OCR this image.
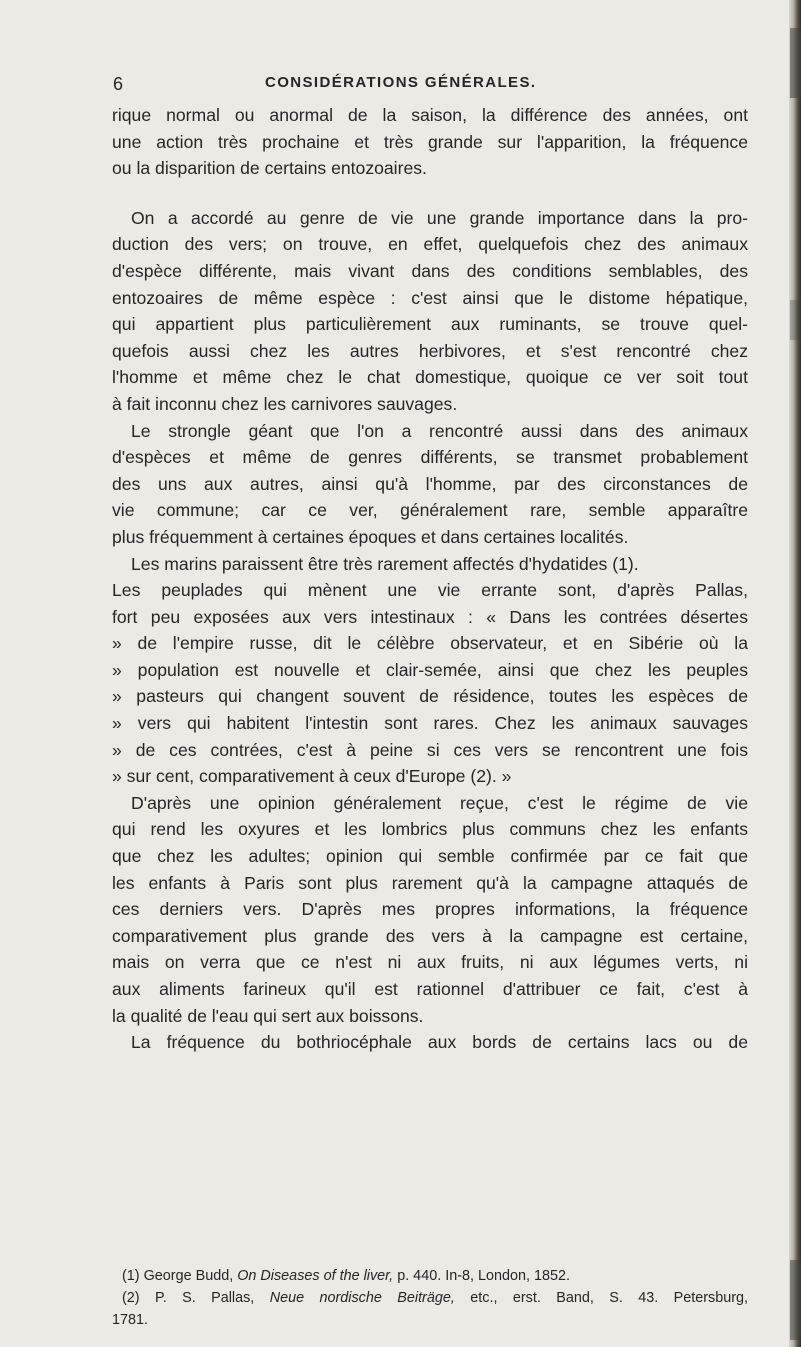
6	CONSIDÉRATIONS GÉNÉRALES.
rique normal ou anormal de la saison, la différence des années, ont
une action très prochaine et très grande sur l'apparition, la fréquence
ou la disparition de certains entozoaires.
On a accordé au genre de vie une grande importance dans la pro-
duction des vers; on trouve, en effet, quelquefois chez des animaux
d'espèce différente, mais vivant dans des conditions semblables, des
entozoaires de même espèce : c'est ainsi que le distome hépatique,
qui appartient plus particulièrement aux ruminants, se trouve quel-
quefois aussi chez les autres herbivores, et s'est rencontré chez
l'homme et même chez le chat domestique, quoique ce ver soit tout
à fait inconnu chez les carnivores sauvages.
Le strongle géant que l'on a rencontré aussi dans des animaux
d'espèces et même de genres différents, se transmet probablement
des uns aux autres, ainsi qu'à l'homme, par des circonstances de
vie commune; car ce ver, généralement rare, semble apparaître
plus fréquemment à certaines époques et dans certaines localités.
Les marins paraissent être très rarement affectés d'hydatides (1).
Les peuplades qui mènent une vie errante sont, d'après Pallas,
fort peu exposées aux vers intestinaux : « Dans les contrées désertes
» de l'empire russe, dit le célèbre observateur, et en Sibérie où la
» population est nouvelle et clair-semée, ainsi que chez les peuples
» pasteurs qui changent souvent de résidence, toutes les espèces de
» vers qui habitent l'intestin sont rares. Chez les animaux sauvages
» de ces contrées, c'est à peine si ces vers se rencontrent une fois
» sur cent, comparativement à ceux d'Europe (2). »
D'après une opinion généralement reçue, c'est le régime de vie
qui rend les oxyures et les lombrics plus communs chez les enfants
que chez les adultes; opinion qui semble confirmée par ce fait que
les enfants à Paris sont plus rarement qu'à la campagne attaqués de
ces derniers vers. D'après mes propres informations, la fréquence
comparativement plus grande des vers à la campagne est certaine,
mais on verra que ce n'est ni aux fruits, ni aux légumes verts, ni
aux aliments farineux qu'il est rationnel d'attribuer ce fait, c'est à
la qualité de l'eau qui sert aux boissons.
La fréquence du bothriocéphale aux bords de certains lacs ou de
(1) George Budd, On Diseases of the liver, p. 440. In-8, London, 1852.
(2) P. S. Pallas, Neue nordische Beiträge, etc., erst. Band, S. 43. Petersburg,
1781.
